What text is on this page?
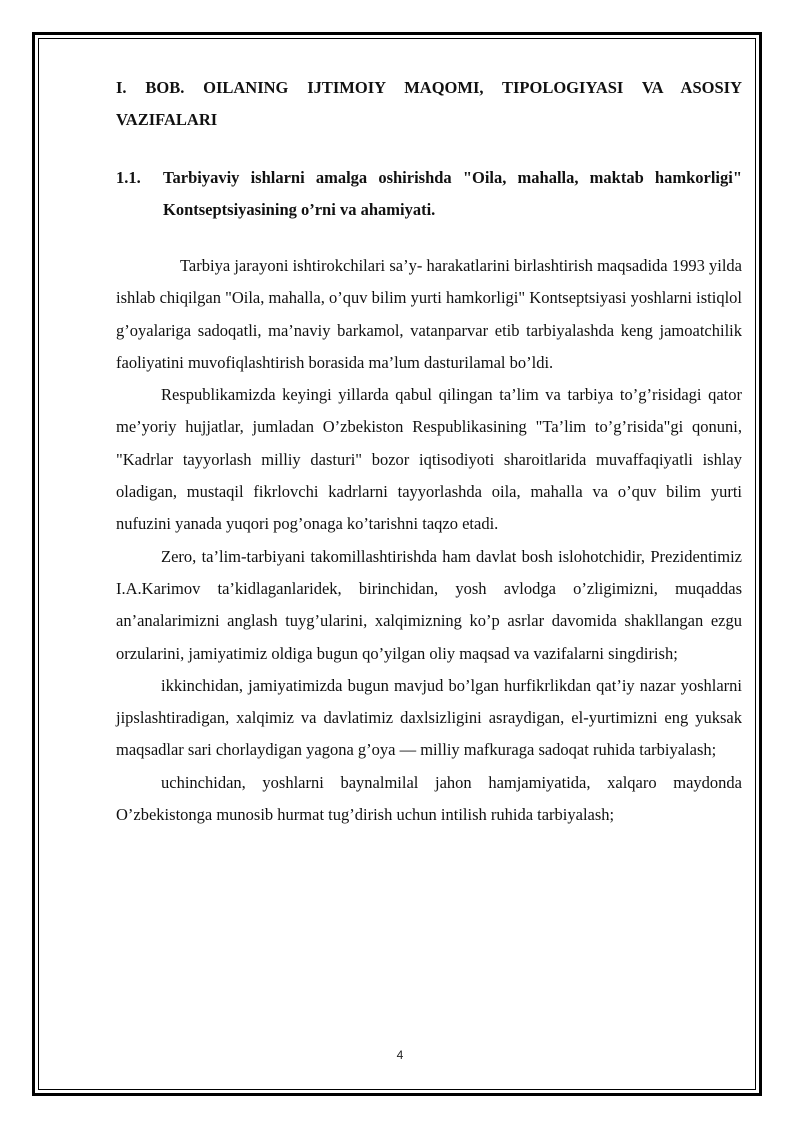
I. BOB. OILANING IJTIMOIY MAQOMI, TIPOLOGIYASI VA ASOSIY VAZIFALARI
1.1.	Tarbiyaviy ishlarni amalga oshirishda "Oila, mahalla, maktab hamkorligi" Kontseptsiyasining o’rni va ahamiyati.

Tarbiya jarayoni ishtirokchilari sa’y- harakatlarini birlashtirish maqsadida 1993 yilda ishlab chiqilgan "Oila, mahalla, o’quv bilim yurti hamkorligi" Kontseptsiyasi yoshlarni istiqlol g’oyalariga sadoqatli, ma’naviy barkamol, vatanparvar etib tarbiyalashda keng jamoatchilik faoliyatini muvofiqlashtirish borasida ma’lum dasturilamal bo’ldi.

Respublikamizda keyingi yillarda qabul qilingan ta’lim va tarbiya to’g’risidagi qator me’yoriy hujjatlar, jumladan O’zbekiston Respublikasining "Ta’lim to’g’risida"gi qonuni, "Kadrlar tayyorlash milliy dasturi" bozor iqtisodiyoti sharoitlarida muvaffaqiyatli ishlay oladigan, mustaqil fikrlovchi kadrlarni tayyorlashda oila, mahalla va o’quv bilim yurti nufuzini yanada yuqori pog’onaga ko’tarishni taqzo etadi.

Zero, ta’lim-tarbiyani takomillashtirishda ham davlat bosh islohotchidir, Prezidentimiz I.A.Karimov ta’kidlaganlaridek, birinchidan, yosh avlodga o’zligimizni, muqaddas an’analarimizni anglash tuyg’ularini, xalqimizning ko’p asrlar davomida shakllangan ezgu orzularini, jamiyatimiz oldiga bugun qo’yilgan oliy maqsad va vazifalarni singdirish;

ikkinchidan, jamiyatimizda bugun mavjud bo’lgan hurfikrlikdan qat’iy nazar yoshlarni jipslashtiradigan, xalqimiz va davlatimiz daxlsizligini asraydigan, el-yurtimizni eng yuksak maqsadlar sari chorlaydigan yagona g’oya — milliy mafkuraga sadoqat ruhida tarbiyalash;

uchinchidan, yoshlarni baynalmilal jahon hamjamiyatida, xalqaro maydonda O’zbekistonga munosib hurmat tug’dirish uchun intilish ruhida tarbiyalash;

4
